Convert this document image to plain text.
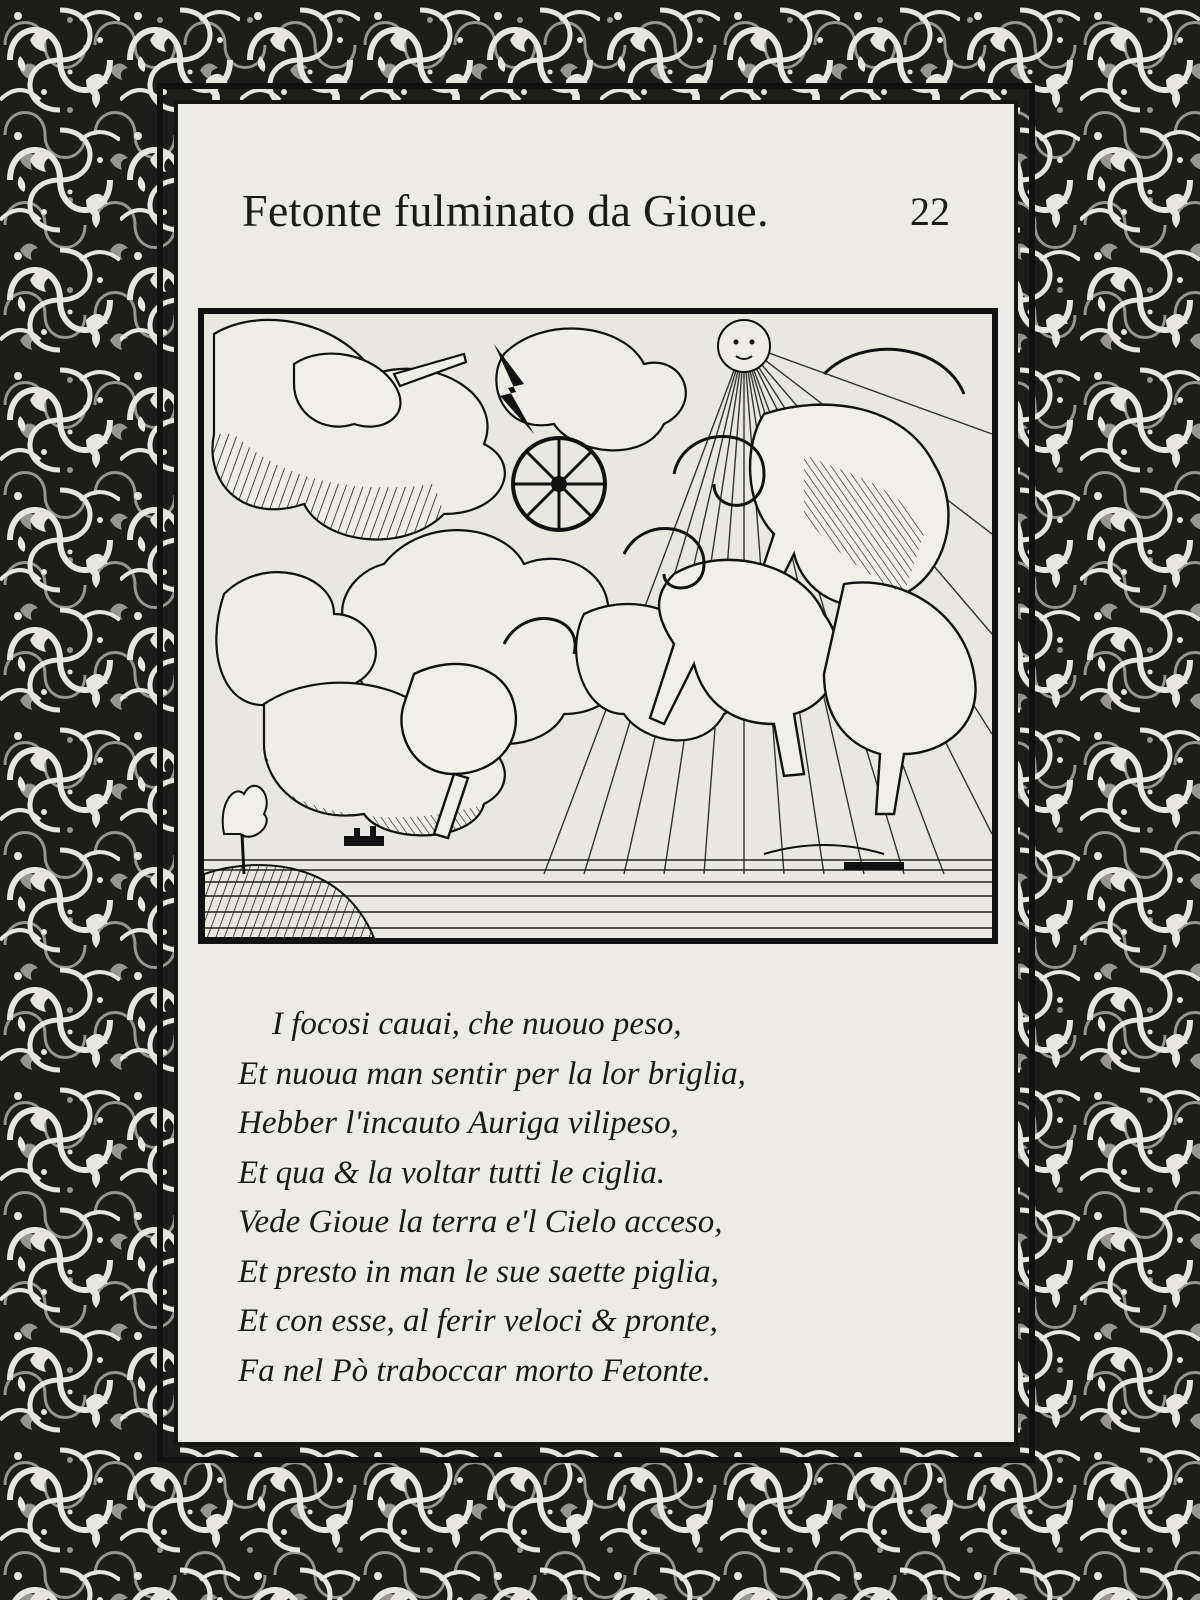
Fetonte fulminato da Gioue.	22
I focosi cauai, che nuouo peso,
Et nuoua man sentir per la lor briglia,
Hebber l'incauto Auriga vilipeso,
Et qua & la voltar tutti le ciglia.
Vede Gioue la terra e'l Cielo acceso,
Et presto in man le sue saette piglia,
Et con esse, al ferir veloci & pronte,
Fa nel Pò traboccar morto Fetonte.
